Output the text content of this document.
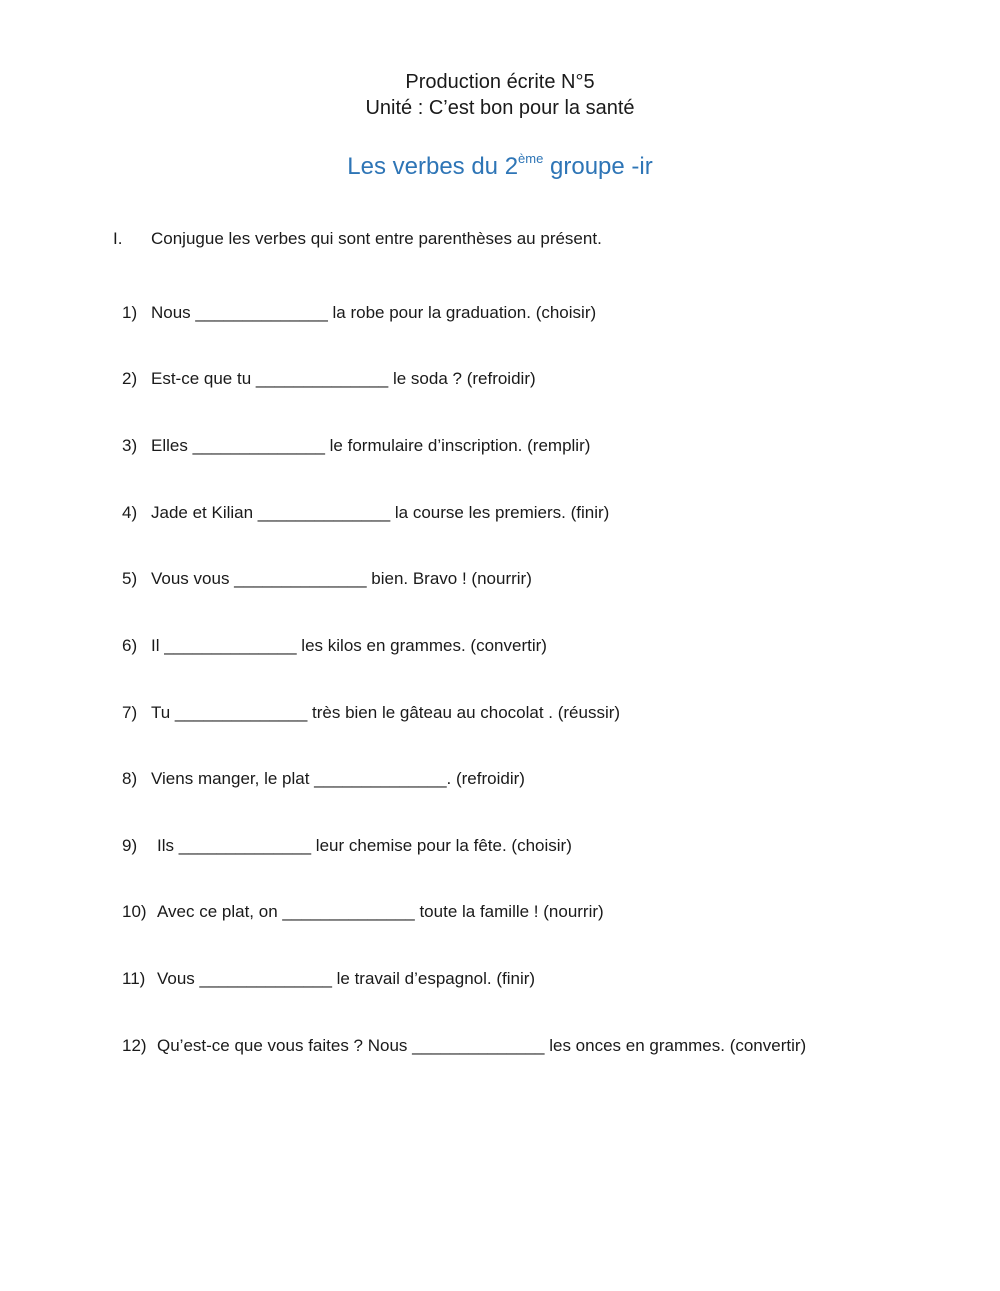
Production écrite N°5
Unité : C’est bon pour la santé
Les verbes du 2ème groupe -ir
I. Conjugue les verbes qui sont entre parenthèses au présent.
1) Nous ______________ la robe pour la graduation. (choisir)
2) Est-ce que tu ______________ le soda ? (refroidir)
3) Elles ______________ le formulaire d’inscription. (remplir)
4) Jade et Kilian ______________ la course les premiers. (finir)
5) Vous vous ______________ bien. Bravo ! (nourrir)
6) Il ______________ les kilos en grammes. (convertir)
7) Tu ______________ très bien le gâteau au chocolat . (réussir)
8) Viens manger, le plat ______________. (refroidir)
9) Ils ______________ leur chemise pour la fête. (choisir)
10) Avec ce plat, on ______________ toute la famille ! (nourrir)
11) Vous ______________ le travail d’espagnol. (finir)
12) Qu’est-ce que vous faites ? Nous ______________ les onces en grammes. (convertir)
